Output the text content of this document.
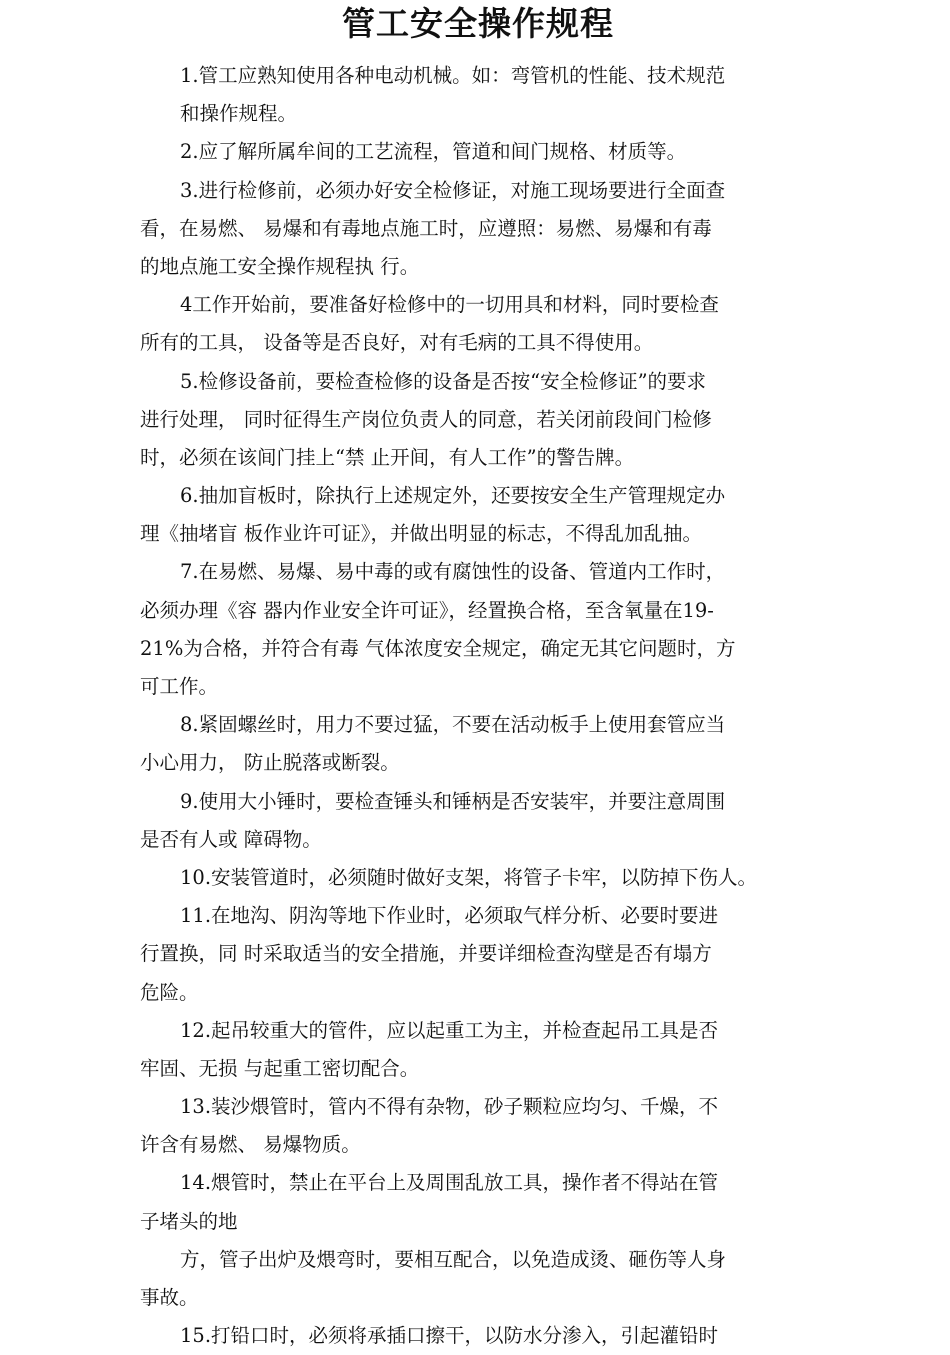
管工安全操作规程
1.管工应熟知使用各种电动机械。如：弯管机的性能、技术规范
和操作规程。
2.应了解所属牟间的工艺流程，管道和间门规格、材质等。
3.进行检修前，必须办好安全检修证，对施工现场要进行全面查
看，在易燃、 易爆和有毒地点施工时，应遵照：易燃、易爆和有毒
的地点施工安全操作规程执 行。
4工作开始前，要准备好检修中的一切用具和材料，同时要检查
所有的工具， 设备等是否良好，对有毛病的工具不得使用。
5.检修设备前，要检查检修的设备是否按“安全检修证”的要求
进行处理， 同时征得生产岗位负责人的同意，若关闭前段间门检修
时，必须在该间门挂上“禁 止开间，有人工作”的警告牌。
6.抽加盲板时，除执行上述规定外，还要按安全生产管理规定办
理《抽堵盲 板作业许可证》，并做出明显的标志，不得乱加乱抽。
7.在易燃、易爆、易中毒的或有腐蚀性的设备、管道内工作时，
必须办理《容 器内作业安全许可证》，经置换合格，至含氧量在19-
21%为合格，并符合有毒 气体浓度安全规定，确定无其它问题时，方
可工作。
8.紧固螺丝时，用力不要过猛，不要在活动板手上使用套管应当
小心用力， 防止脱落或断裂。
9.使用大小锤时，要检查锤头和锤柄是否安装牢，并要注意周围
是否有人或 障碍物。
10.安装管道时，必须随时做好支架，将管子卡牢，以防掉下伤人。
11.在地沟、阴沟等地下作业时，必须取气样分析、必要时要进
行置换，同 时采取适当的安全措施，并要详细检查沟壁是否有塌方
危险。
12.起吊较重大的管件，应以起重工为主，并检查起吊工具是否
牢固、无损 与起重工密切配合。
13.装沙煨管时，管内不得有杂物，砂子颗粒应均匀、千燥，不
许含有易燃、 易爆物质。
14.煨管时，禁止在平台上及周围乱放工具，操作者不得站在管
子堵头的地
方，管子出炉及煨弯时，要相互配合，以免造成烫、砸伤等人身
事故。
15.打铅口时，必须将承插口擦干，以防水分渗入，引起灌铅时
